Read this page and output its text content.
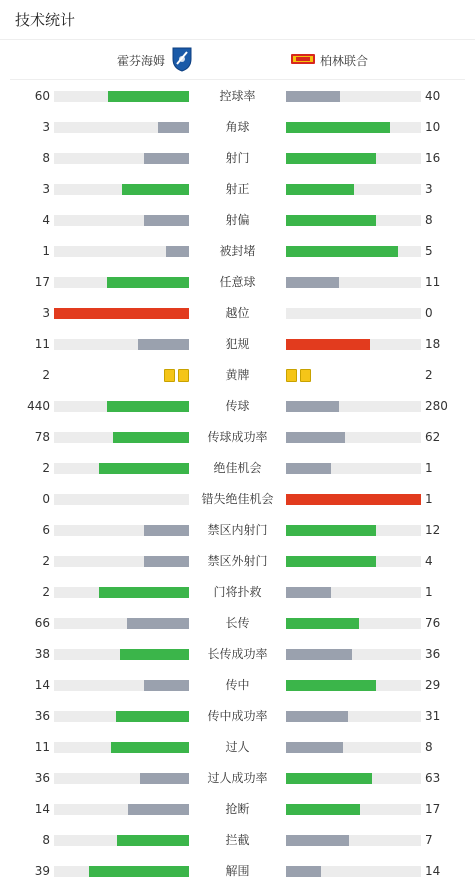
技术统计
霍芬海姆	柏林联合
60	控球率	40
3	角球	10
8	射门	16
3	射正	3
4	射偏	8
1	被封堵	5
17	任意球	11
3	越位	0
11	犯规	18
2	黄牌	2
440	传球	280
78	传球成功率	62
2	绝佳机会	1
0	错失绝佳机会	1
6	禁区内射门	12
2	禁区外射门	4
2	门将扑救	1
66	长传	76
38	长传成功率	36
14	传中	29
36	传中成功率	31
11	过人	8
36	过人成功率	63
14	抢断	17
8	拦截	7
39	解围	14
